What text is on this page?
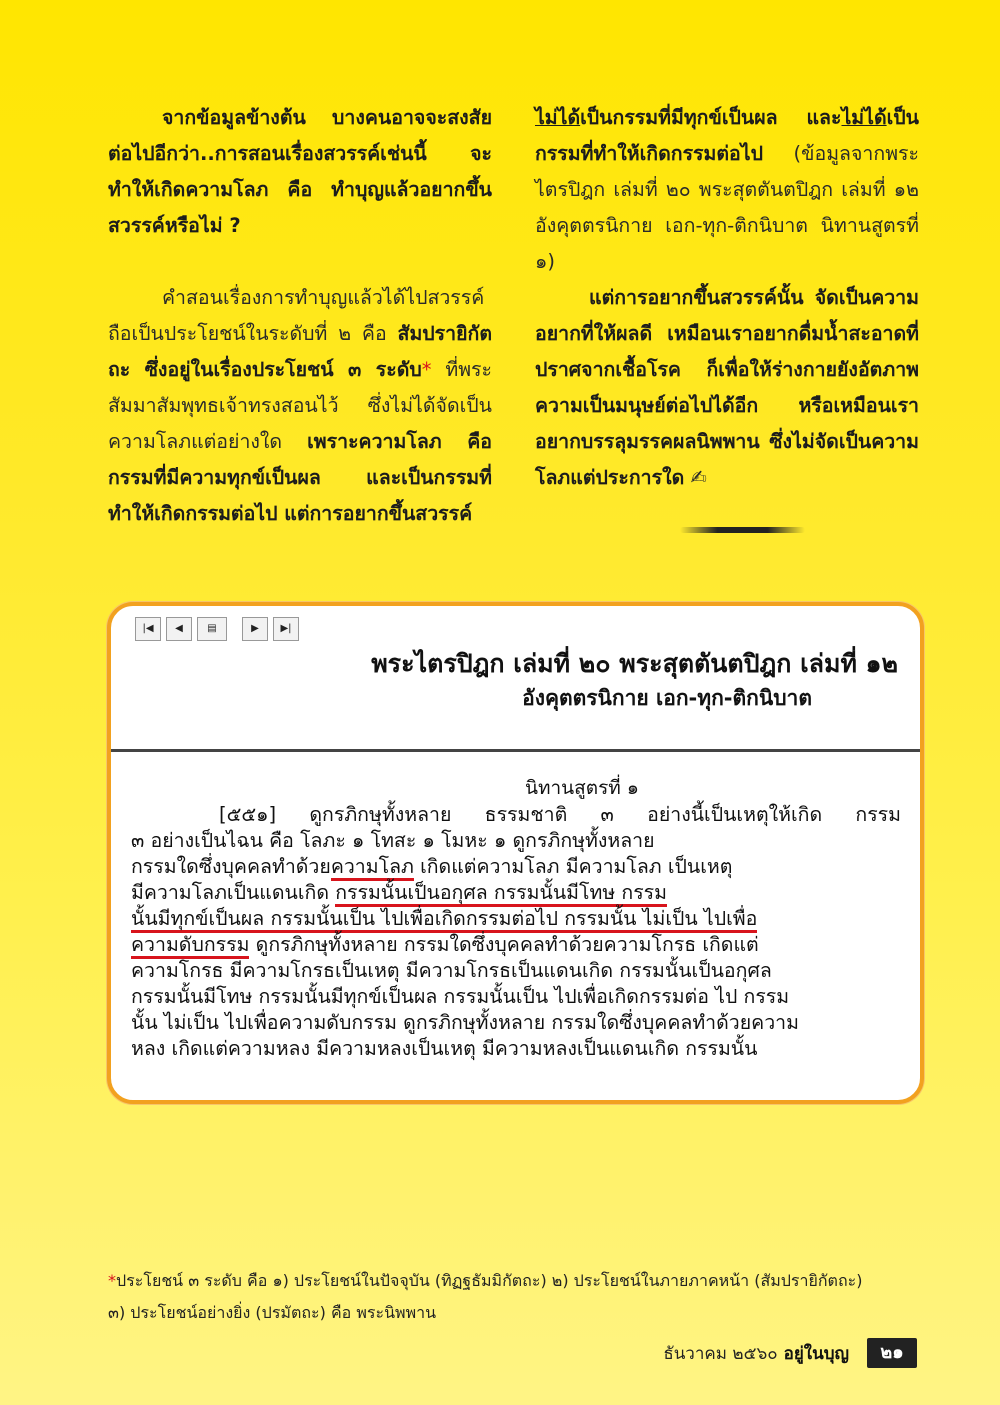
จากข้อมูลข้างต้น บางคนอาจจะสงสัยต่อไปอีกว่า..การสอนเรื่องสวรรค์เช่นนี้ จะทำให้เกิดความโลภ คือ ทำบุญแล้วอยากขึ้นสวรรค์หรือไม่ ?

คำสอนเรื่องการทำบุญแล้วได้ไปสวรรค์ถือเป็นประโยชน์ในระดับที่ ๒ คือ สัมปรายิกัตถะ ซึ่งอยู่ในเรื่องประโยชน์ ๓ ระดับ* ที่พระสัมมาสัมพุทธเจ้าทรงสอนไว้ ซึ่งไม่ได้จัดเป็นความโลภแต่อย่างใด เพราะความโลภ คือ กรรมที่มีความทุกข์เป็นผล และเป็นกรรมที่ทำให้เกิดกรรมต่อไป แต่การอยากขึ้นสวรรค์

ไม่ได้เป็นกรรมที่มีทุกข์เป็นผล และไม่ได้เป็นกรรมที่ทำให้เกิดกรรมต่อไป (ข้อมูลจากพระไตรปิฎก เล่มที่ ๒๐ พระสุตตันตปิฎก เล่มที่ ๑๒ อังคุตตรนิกาย เอก-ทุก-ติกนิบาต นิทานสูตรที่ ๑)

แต่การอยากขึ้นสวรรค์นั้น จัดเป็นความอยากที่ให้ผลดี เหมือนเราอยากดื่มน้ำสะอาดที่ปราศจากเชื้อโรค ก็เพื่อให้ร่างกายยังอัตภาพความเป็นมนุษย์ต่อไปได้อีก หรือเหมือนเราอยากบรรลุมรรคผลนิพพาน ซึ่งไม่จัดเป็นความโลภแต่ประการใด ✍

|◀	◀	▤	▶	▶|
พระไตรปิฎก เล่มที่ ๒๐ พระสุตตันตปิฎก เล่มที่ ๑๒
อังคุตตรนิกาย เอก-ทุก-ติกนิบาต
นิทานสูตรที่ ๑
[๕๕๑] ดูกรภิกษุทั้งหลาย ธรรมชาติ ๓ อย่างนี้เป็นเหตุให้เกิด กรรม
๓ อย่างเป็นไฉน คือ โลภะ ๑ โทสะ ๑ โมหะ ๑ ดูกรภิกษุทั้งหลาย
กรรมใดซึ่งบุคคลทำด้วยความโลภ เกิดแต่ความโลภ มีความโลภ เป็นเหตุ
มีความโลภเป็นแดนเกิด กรรมนั้นเป็นอกุศล กรรมนั้นมีโทษ กรรม
นั้นมีทุกข์เป็นผล กรรมนั้นเป็น ไปเพื่อเกิดกรรมต่อไป กรรมนั้น ไม่เป็น ไปเพื่อ
ความดับกรรม ดูกรภิกษุทั้งหลาย กรรมใดซึ่งบุคคลทำด้วยความโกรธ เกิดแต่
ความโกรธ มีความโกรธเป็นเหตุ มีความโกรธเป็นแดนเกิด กรรมนั้นเป็นอกุศล
กรรมนั้นมีโทษ กรรมนั้นมีทุกข์เป็นผล กรรมนั้นเป็น ไปเพื่อเกิดกรรมต่อ ไป กรรม
นั้น ไม่เป็น ไปเพื่อความดับกรรม ดูกรภิกษุทั้งหลาย กรรมใดซึ่งบุคคลทำด้วยความ
หลง เกิดแต่ความหลง มีความหลงเป็นเหตุ มีความหลงเป็นแดนเกิด กรรมนั้น

*ประโยชน์ ๓ ระดับ คือ ๑) ประโยชน์ในปัจจุบัน (ทิฏฐธัมมิกัตถะ) ๒) ประโยชน์ในภายภาคหน้า (สัมปรายิกัตถะ)

๓) ประโยชน์อย่างยิ่ง (ปรมัตถะ) คือ พระนิพพาน

ธันวาคม ๒๕๖๐ อยู่ในบุญ	๒๑
